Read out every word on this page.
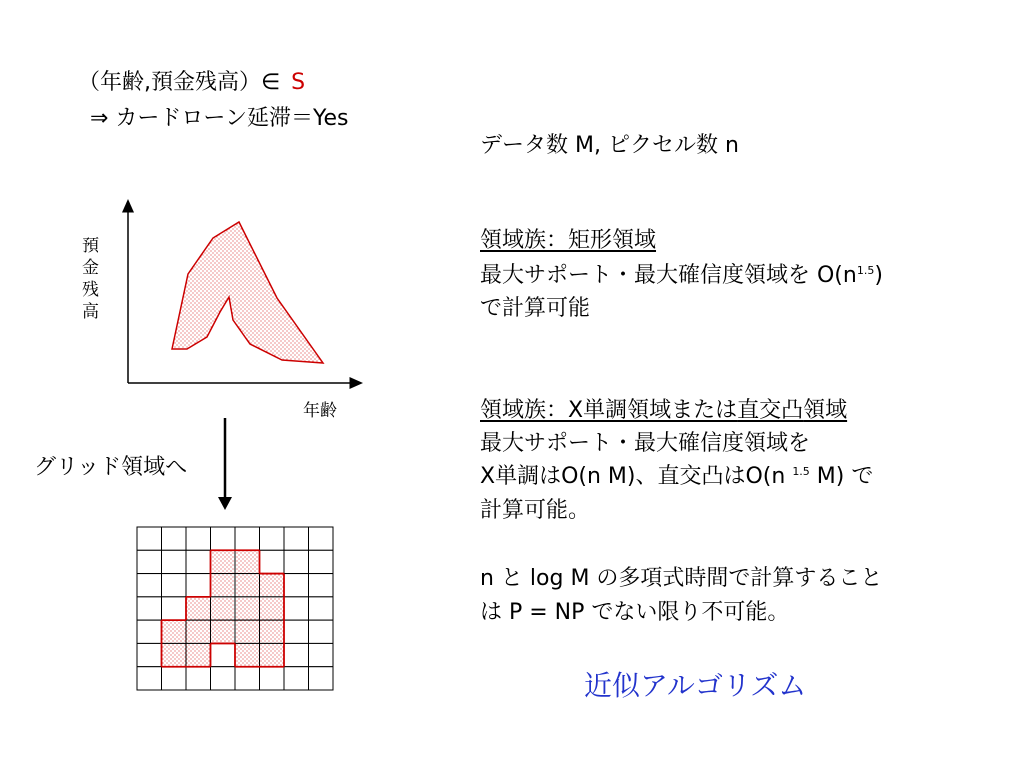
（年齢,預金残高）∈ S
⇒ カードローン延滞＝Yes
預
金
残
高
年齢
グリッド領域へ
データ数 M, ピクセル数 n
領域族：矩形領域
最大サポート・最大確信度領域を $O(n^{1.5})$
で計算可能
領域族：X単調領域または直交凸領域
最大サポート・最大確信度領域を
X単調はO(n M)、直交凸はO(n $^{1.5}$ M) で
計算可能。
n と log M の多項式時間で計算すること
は P = NP でない限り不可能。
近似アルゴリズム
